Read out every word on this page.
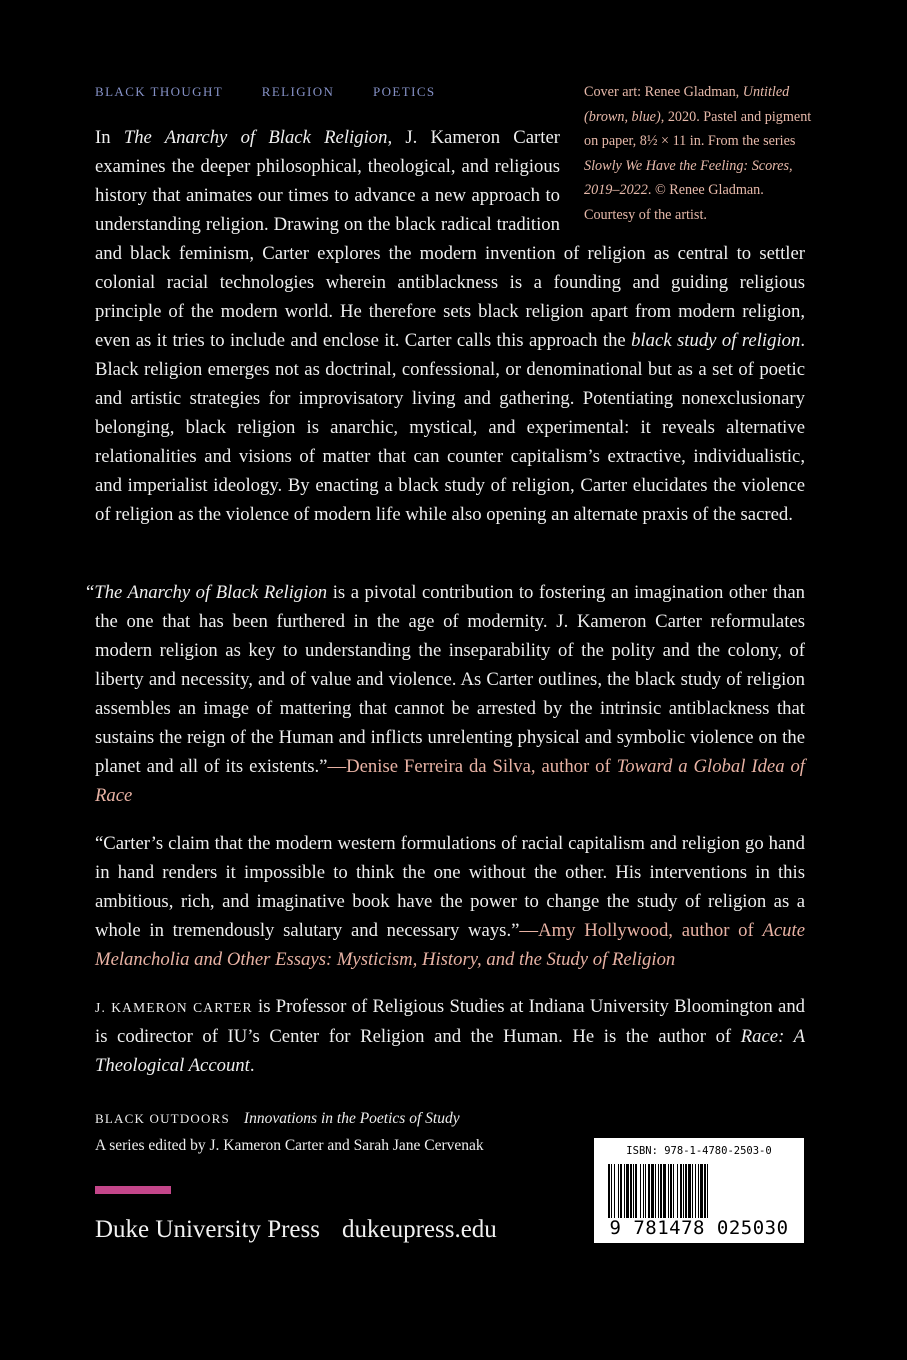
BLACK THOUGHT	RELIGION	POETICS	Cover art: Renee Gladman, Untitled (brown, blue), 2020. Pastel and pigment on paper, 8½ × 11 in. From the series Slowly We Have the Feeling: Scores, 2019–2022. © Renee Gladman. Courtesy of the artist.
In The Anarchy of Black Religion, J. Kameron Carter examines the deeper philosophical, theological, and religious history that animates our times to advance a new approach to understanding religion. Drawing on the black radical tradition and black feminism, Carter explores the modern invention of religion as central to settler colonial racial technologies wherein antiblackness is a founding and guiding religious principle of the modern world. He therefore sets black religion apart from modern religion, even as it tries to include and enclose it. Carter calls this approach the black study of religion. Black religion emerges not as doctrinal, confessional, or denominational but as a set of poetic and artistic strategies for improvisatory living and gathering. Potentiating nonexclusionary belonging, black religion is anarchic, mystical, and experimental: it reveals alternative relationalities and visions of matter that can counter capitalism’s extractive, individualistic, and imperialist ideology. By enacting a black study of religion, Carter elucidates the violence of religion as the violence of modern life while also opening an alternate praxis of the sacred.
“The Anarchy of Black Religion is a pivotal contribution to fostering an imagination other than the one that has been furthered in the age of modernity. J. Kameron Carter reformulates modern religion as key to understanding the inseparability of the polity and the colony, of liberty and necessity, and of value and violence. As Carter outlines, the black study of religion assembles an image of mattering that cannot be arrested by the intrinsic antiblackness that sustains the reign of the Human and inflicts unrelenting physical and symbolic violence on the planet and all of its existents.”—Denise Ferreira da Silva, author of Toward a Global Idea of Race
“Carter’s claim that the modern western formulations of racial capitalism and religion go hand in hand renders it impossible to think the one without the other. His interventions in this ambitious, rich, and imaginative book have the power to change the study of religion as a whole in tremendously salutary and necessary ways.”—Amy Hollywood, author of Acute Melancholia and Other Essays: Mysticism, History, and the Study of Religion
J. KAMERON CARTER is Professor of Religious Studies at Indiana University Bloomington and is codirector of IU’s Center for Religion and the Human. He is the author of Race: A Theological Account.
BLACK OUTDOORS Innovations in the Poetics of Study
A series edited by J. Kameron Carter and Sarah Jane Cervenak
Duke University Press dukeupress.edu
ISBN: 978-1-4780-2503-0
9 781478 025030
